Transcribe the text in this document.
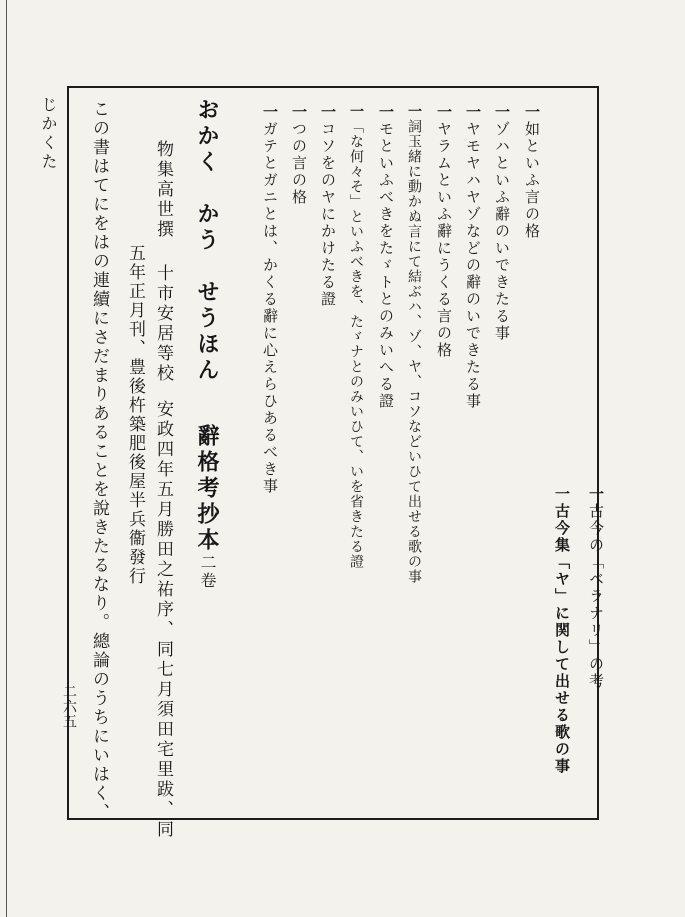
一古今の「ベラナリ」の考
一古今集「ヤ」に関して出せる歌の事
一如といふ言の格
一ゾハといふ辭のいできたる事
一ヤモヤハヤゾなどの辭のいできたる事
一ヤラムといふ辭にうくる言の格
一詞玉緒に動かぬ言にて結ぶハ、ゾ、ヤ、コソなどいひて出せる歌の事
一モといふべきをたゞトとのみいへる證
一「な何々そ」といふべきを、たゞナとのみいひて、いを省きたる證
一コソをのヤにかけたる證
一つの言の格
一ガテとガニとは、かくる辭に心えらひあるべき事
おかく　かう　せうほん辭格考抄本二卷
物集高世撰十市安居等校安政四年五月勝田之祐序、同七月須田宅里跋、同
五年正月刊、豊後杵築肥後屋半兵衞發行
この書はてにをはの連續にさだまりあることを說きたるなり。總論のうちにいはく、
じかくた
二六五
